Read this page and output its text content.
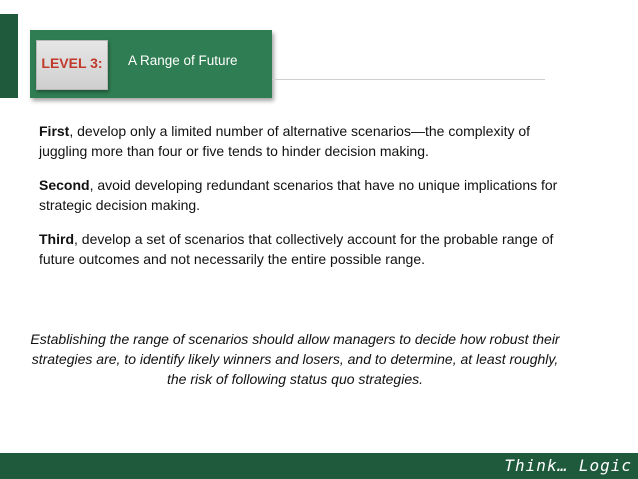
LEVEL 3:	A Range of Future

First, develop only a limited number of alternative scenarios—the complexity of juggling more than four or five tends to hinder decision making.

Second, avoid developing redundant scenarios that have no unique implications for strategic decision making.

Third, develop a set of scenarios that collectively account for the probable range of future outcomes and not necessarily the entire possible range.

Establishing the range of scenarios should allow managers to decide how robust their strategies are, to identify likely winners and losers, and to determine, at least roughly, the risk of following status quo strategies.
Think… Logic
